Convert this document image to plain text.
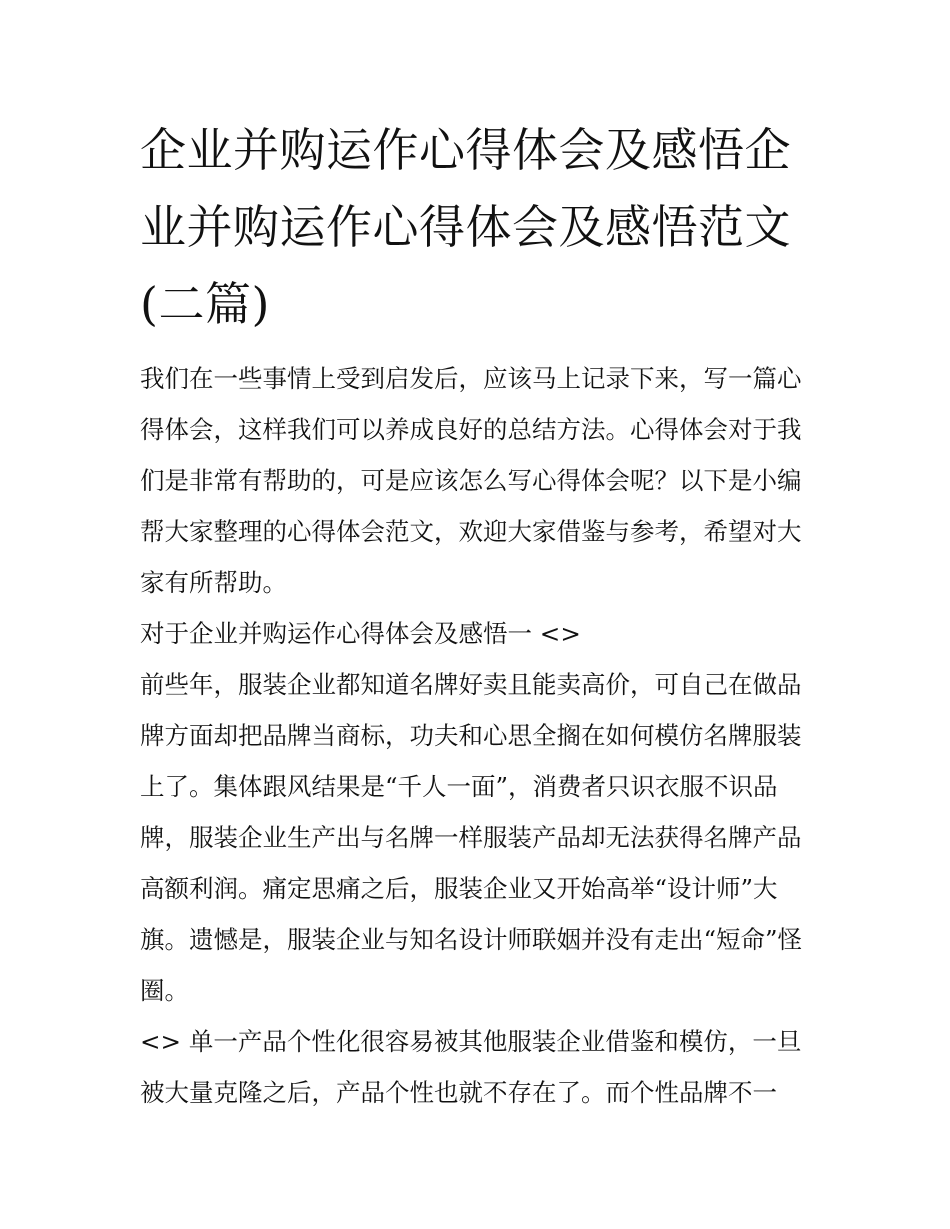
企业并购运作心得体会及感悟企业并购运作心得体会及感悟范文(二篇)

我们在一些事情上受到启发后，应该马上记录下来，写一篇心得体会，这样我们可以养成良好的总结方法。心得体会对于我们是非常有帮助的，可是应该怎么写心得体会呢？以下是小编帮大家整理的心得体会范文，欢迎大家借鉴与参考，希望对大家有所帮助。

对于企业并购运作心得体会及感悟一 <>

前些年，服装企业都知道名牌好卖且能卖高价，可自己在做品牌方面却把品牌当商标，功夫和心思全搁在如何模仿名牌服装上了。集体跟风结果是“千人一面”，消费者只识衣服不识品牌，服装企业生产出与名牌一样服装产品却无法获得名牌产品高额利润。痛定思痛之后，服装企业又开始高举“设计师”大旗。遗憾是，服装企业与知名设计师联姻并没有走出“短命”怪圈。

<> 单一产品个性化很容易被其他服装企业借鉴和模仿，一旦被大量克隆之后，产品个性也就不存在了。而个性品牌不一
